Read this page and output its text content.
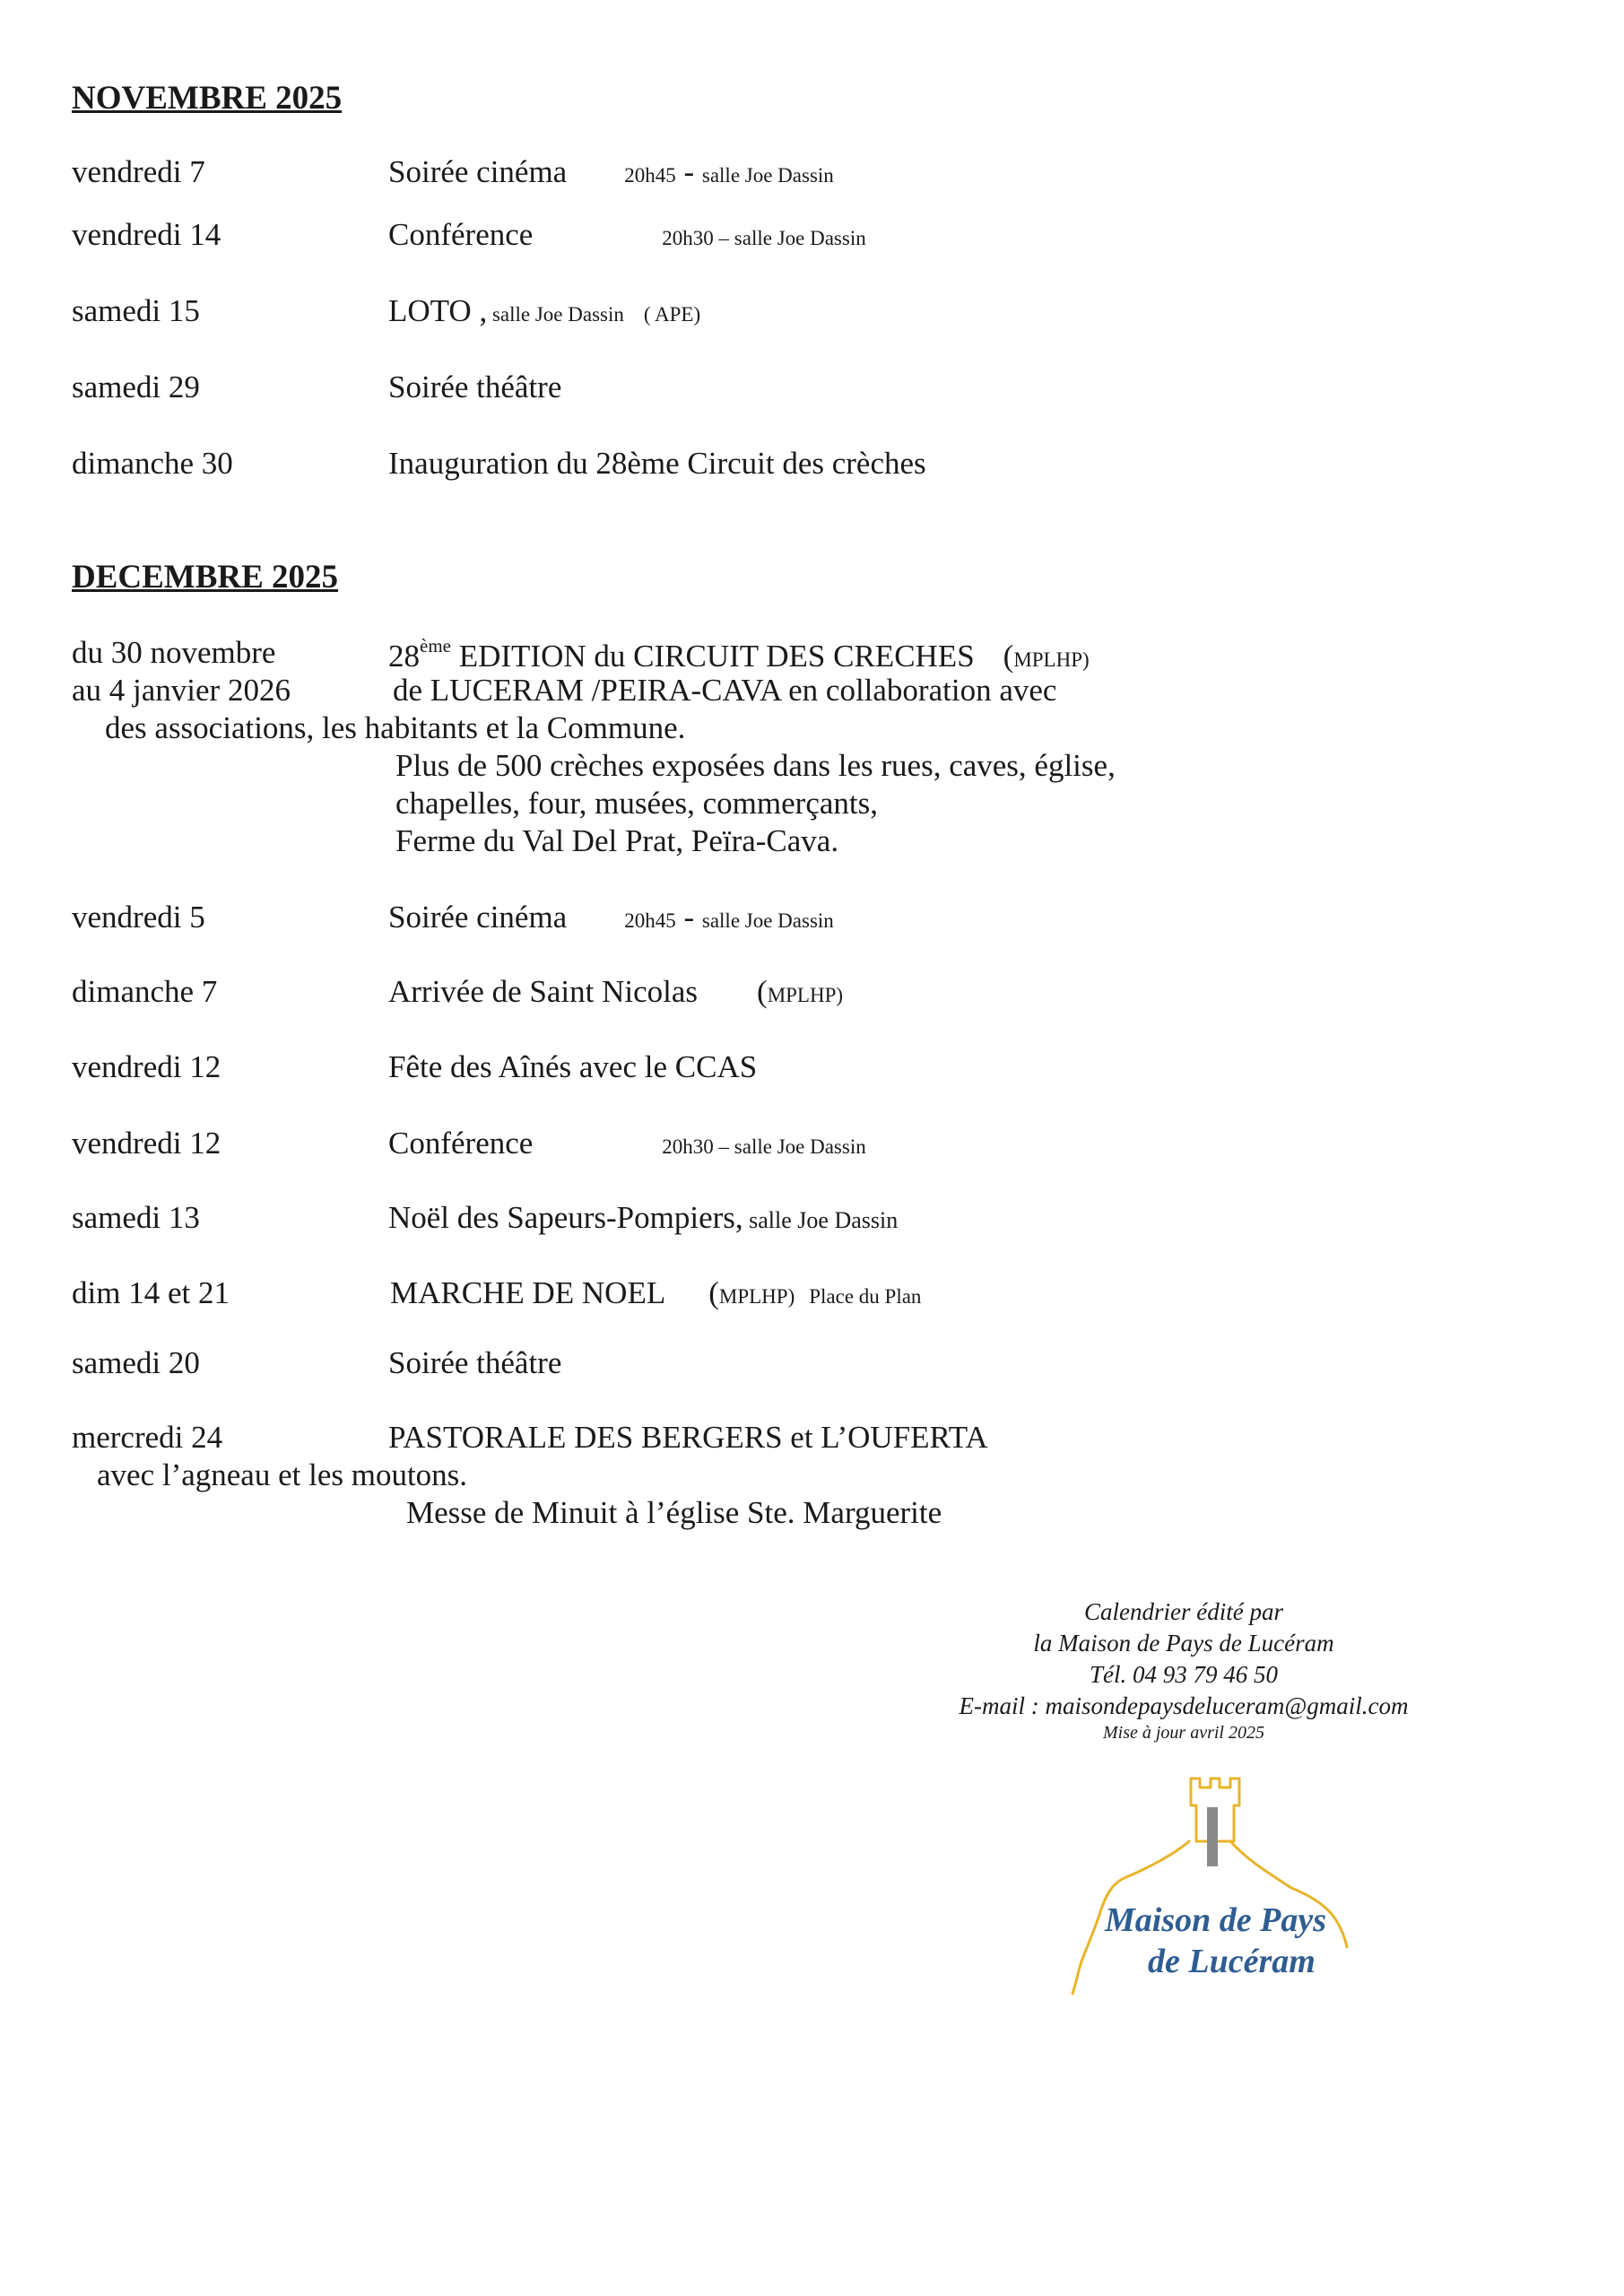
NOVEMBRE 2025
vendredi 7	Soirée cinéma	20h45 - salle Joe Dassin
vendredi 14	Conférence	20h30 – salle Joe Dassin
samedi 15	LOTO , salle Joe Dassin ( APE)
samedi 29	Soirée théâtre
dimanche 30	Inauguration du 28ème Circuit des crèches
DECEMBRE 2025
du 30 novembre	28ème EDITION du CIRCUIT DES CRECHES (MPLHP)
au 4 janvier 2026	de LUCERAM /PEIRA-CAVA en collaboration avec
des associations, les habitants et la Commune.
Plus de 500 crèches exposées dans les rues, caves, église,
chapelles, four, musées, commerçants,
Ferme du Val Del Prat, Peïra-Cava.
vendredi 5	Soirée cinéma	20h45 - salle Joe Dassin
dimanche 7	Arrivée de Saint Nicolas (MPLHP)
vendredi 12	Fête des Aînés avec le CCAS
vendredi 12	Conférence	20h30 – salle Joe Dassin
samedi 13	Noël des Sapeurs-Pompiers, salle Joe Dassin
dim 14 et 21	MARCHE DE NOEL (MPLHP) Place du Plan
samedi 20	Soirée théâtre
mercredi 24	PASTORALE DES BERGERS et L’OUFERTA
avec l’agneau et les moutons.
Messe de Minuit à l’église Ste. Marguerite
Calendrier édité par
la Maison de Pays de Lucéram
Tél. 04 93 79 46 50
E-mail : maisondepaysdeluceram@gmail.com
Mise à jour avril 2025
Maison de Pays
de Lucéram
